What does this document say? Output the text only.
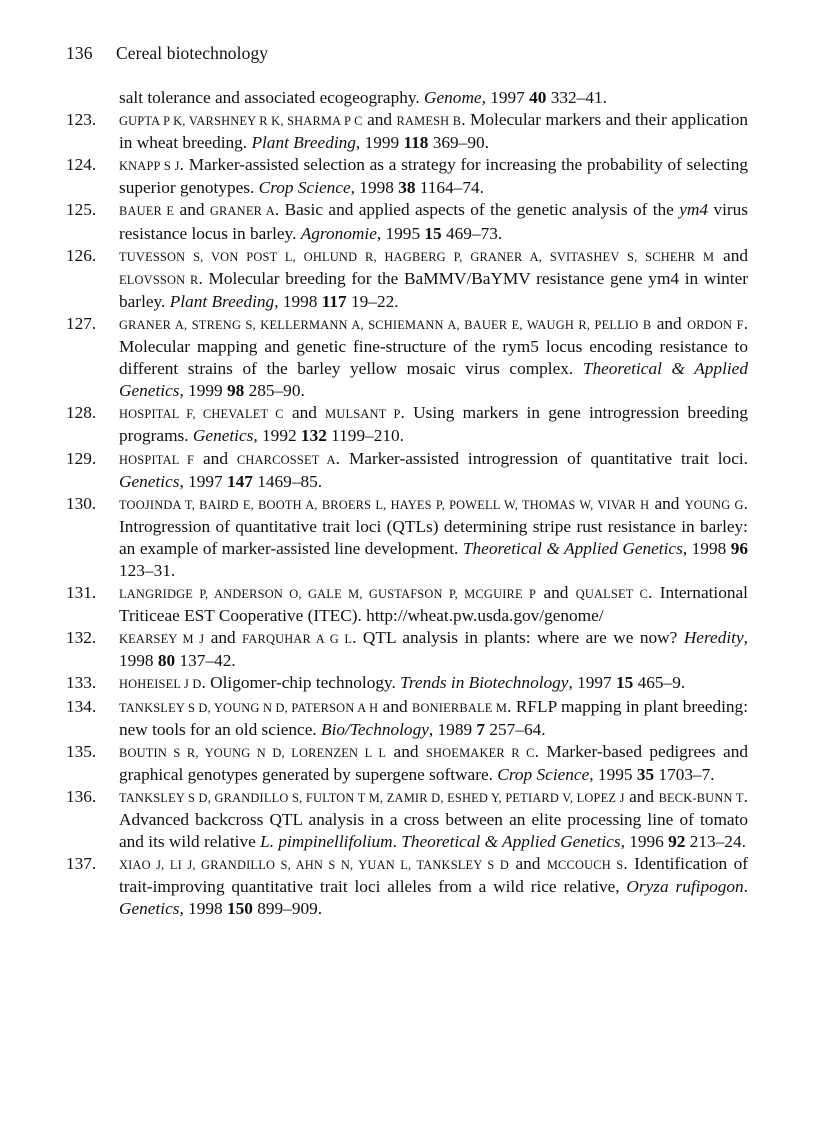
136 Cereal biotechnology
salt tolerance and associated ecogeography. Genome, 1997 40 332–41.
123. GUPTA P K, VARSHNEY R K, SHARMA P C and RAMESH B. Molecular markers and their application in wheat breeding. Plant Breeding, 1999 118 369–90.
124. KNAPP S J. Marker-assisted selection as a strategy for increasing the probability of selecting superior genotypes. Crop Science, 1998 38 1164–74.
125. BAUER E and GRANER A. Basic and applied aspects of the genetic analysis of the ym4 virus resistance locus in barley. Agronomie, 1995 15 469–73.
126. TUVESSON S, VON POST L, OHLUND R, HAGBERG P, GRANER A, SVITASHEV S, SCHEHR M and ELOVSSON R. Molecular breeding for the BaMMV/BaYMV resistance gene ym4 in winter barley. Plant Breeding, 1998 117 19–22.
127. GRANER A, STRENG S, KELLERMANN A, SCHIEMANN A, BAUER E, WAUGH R, PELLIO B and ORDON F. Molecular mapping and genetic fine-structure of the rym5 locus encoding resistance to different strains of the barley yellow mosaic virus complex. Theoretical & Applied Genetics, 1999 98 285–90.
128. HOSPITAL F, CHEVALET C and MULSANT P. Using markers in gene introgression breeding programs. Genetics, 1992 132 1199–210.
129. HOSPITAL F and CHARCOSSET A. Marker-assisted introgression of quantitative trait loci. Genetics, 1997 147 1469–85.
130. TOOJINDA T, BAIRD E, BOOTH A, BROERS L, HAYES P, POWELL W, THOMAS W, VIVAR H and YOUNG G. Introgression of quantitative trait loci (QTLs) determining stripe rust resistance in barley: an example of marker-assisted line development. Theoretical & Applied Genetics, 1998 96 123–31.
131. LANGRIDGE P, ANDERSON O, GALE M, GUSTAFSON P, MCGUIRE P and QUALSET C. International Triticeae EST Cooperative (ITEC). http://wheat.pw.usda.gov/genome/
132. KEARSEY M J and FARQUHAR A G L. QTL analysis in plants: where are we now? Heredity, 1998 80 137–42.
133. HOHEISEL J D. Oligomer-chip technology. Trends in Biotechnology, 1997 15 465–9.
134. TANKSLEY S D, YOUNG N D, PATERSON A H and BONIERBALE M. RFLP mapping in plant breeding: new tools for an old science. Bio/Technology, 1989 7 257–64.
135. BOUTIN S R, YOUNG N D, LORENZEN L L and SHOEMAKER R C. Marker-based pedigrees and graphical genotypes generated by supergene software. Crop Science, 1995 35 1703–7.
136. TANKSLEY S D, GRANDILLO S, FULTON T M, ZAMIR D, ESHED Y, PETIARD V, LOPEZ J and BECK-BUNN T. Advanced backcross QTL analysis in a cross between an elite processing line of tomato and its wild relative L. pimpinellifolium. Theoretical & Applied Genetics, 1996 92 213–24.
137. XIAO J, LI J, GRANDILLO S, AHN S N, YUAN L, TANKSLEY S D and MCCOUCH S. Identification of trait-improving quantitative trait loci alleles from a wild rice relative, Oryza rufipogon. Genetics, 1998 150 899–909.
